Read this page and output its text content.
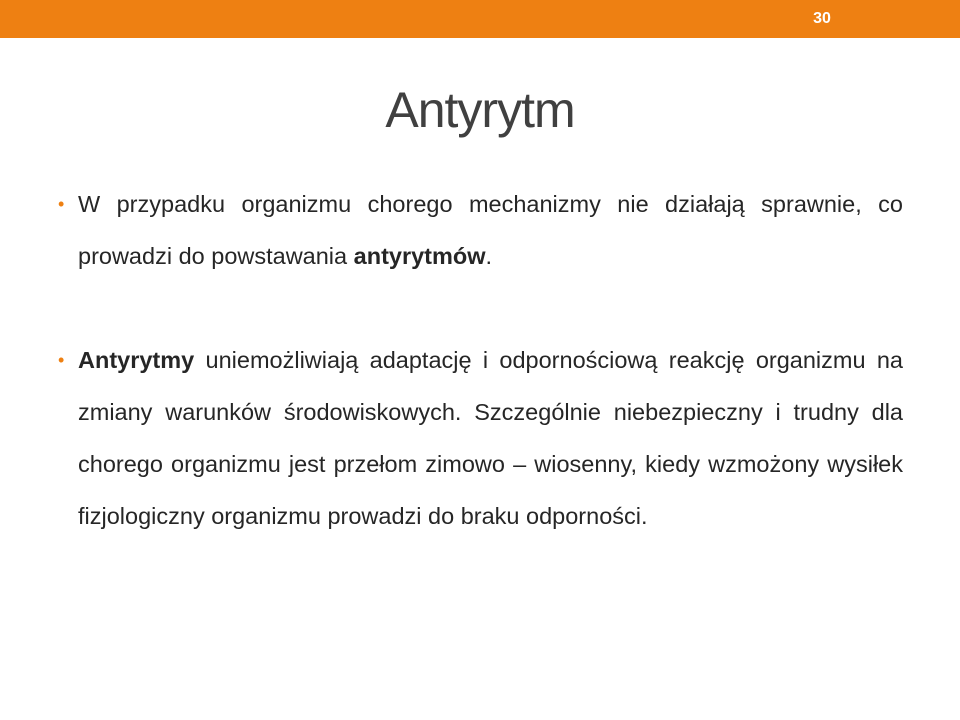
30
Antyrytm
• W przypadku organizmu chorego mechanizmy nie działają sprawnie, co prowadzi do powstawania antyrytmów.
• Antyrytmy uniemożliwiają adaptację i odpornościową reakcję organizmu na zmiany warunków środowiskowych. Szczególnie niebezpieczny i trudny dla chorego organizmu jest przełom zimowo – wiosenny, kiedy wzmożony wysiłek fizjologiczny organizmu prowadzi do braku odporności.
